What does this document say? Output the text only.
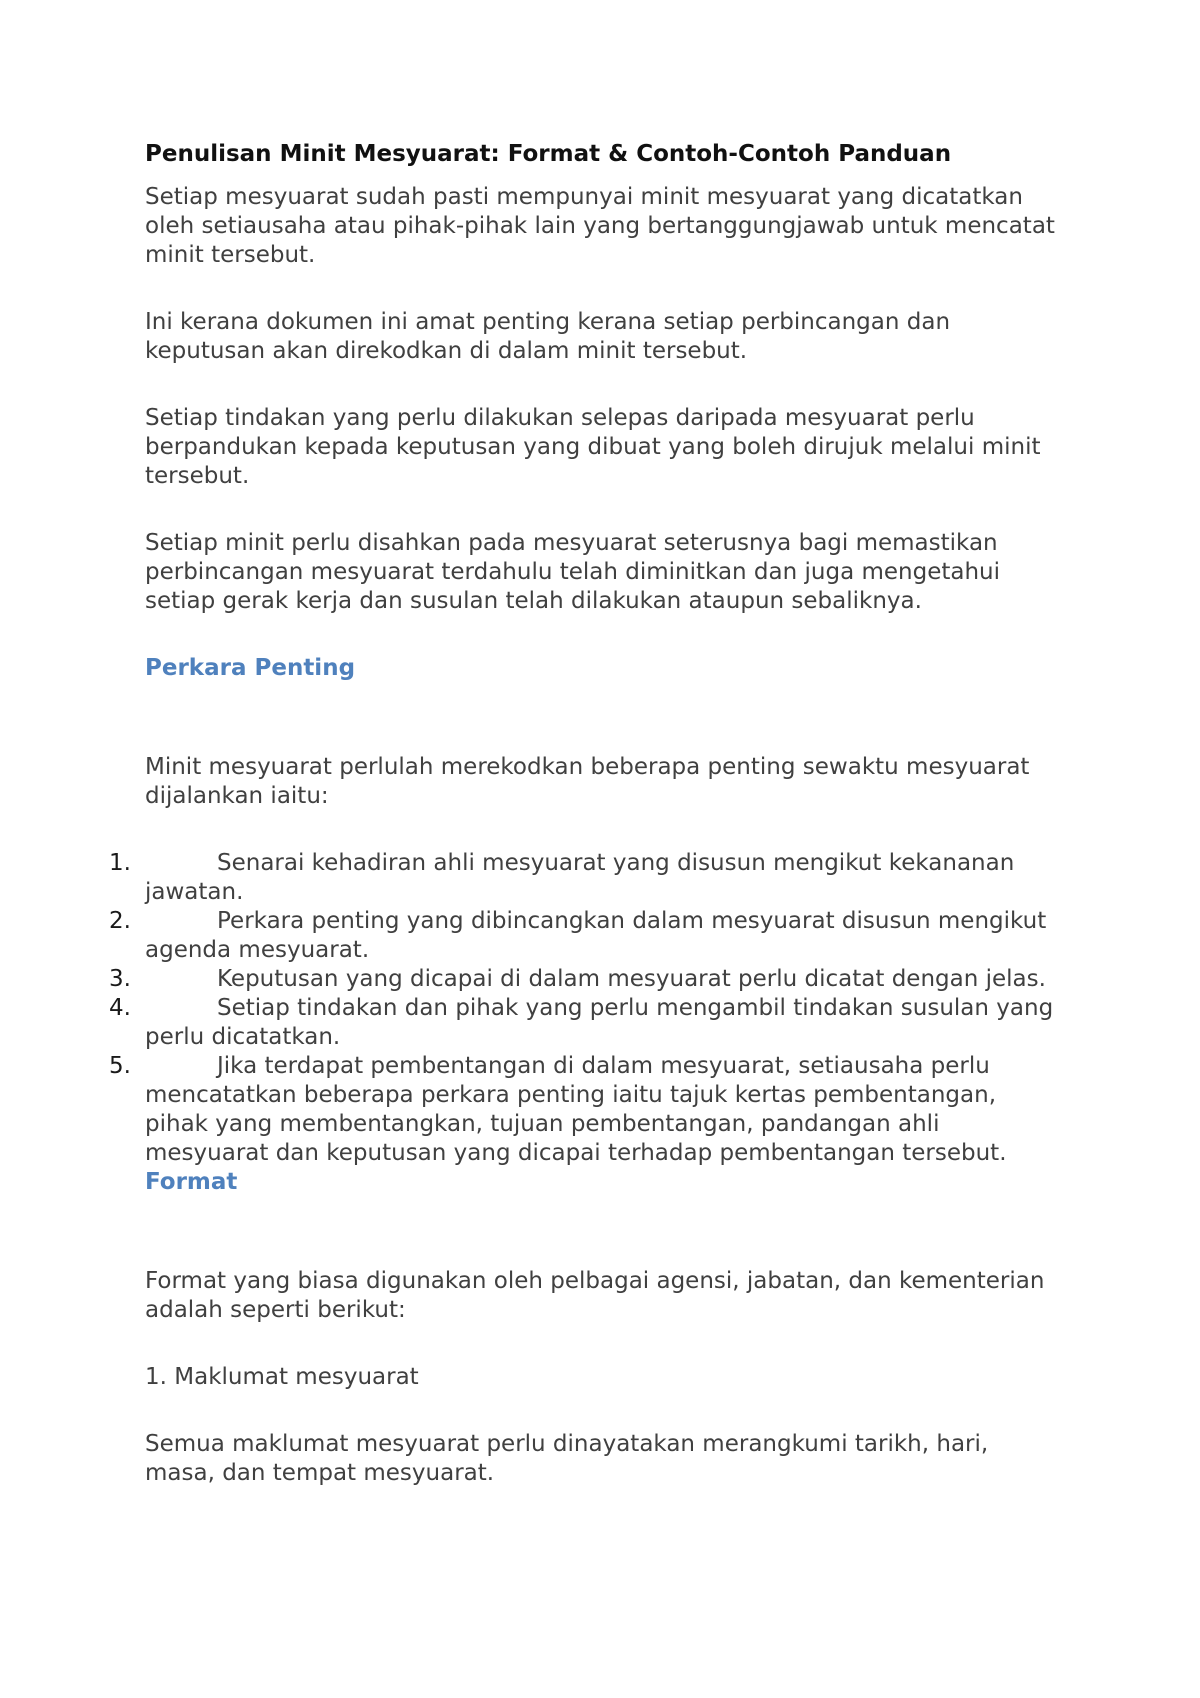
Penulisan Minit Mesyuarat: Format & Contoh-Contoh Panduan

Setiap mesyuarat sudah pasti mempunyai minit mesyuarat yang dicatatkan oleh setiausaha atau pihak-pihak lain yang bertanggungjawab untuk mencatat minit tersebut.

Ini kerana dokumen ini amat penting kerana setiap perbincangan dan keputusan akan direkodkan di dalam minit tersebut.

Setiap tindakan yang perlu dilakukan selepas daripada mesyuarat perlu berpandukan kepada keputusan yang dibuat yang boleh dirujuk melalui minit tersebut.

Setiap minit perlu disahkan pada mesyuarat seterusnya bagi memastikan perbincangan mesyuarat terdahulu telah diminitkan dan juga mengetahui setiap gerak kerja dan susulan telah dilakukan ataupun sebaliknya.

Perkara Penting

Minit mesyuarat perlulah merekodkan beberapa penting sewaktu mesyuarat dijalankan iaitu:

1.	Senarai kehadiran ahli mesyuarat yang disusun mengikut kekananan jawatan.
2.	Perkara penting yang dibincangkan dalam mesyuarat disusun mengikut agenda mesyuarat.
3.	Keputusan yang dicapai di dalam mesyuarat perlu dicatat dengan jelas.
4.	Setiap tindakan dan pihak yang perlu mengambil tindakan susulan yang perlu dicatatkan.
5.	Jika terdapat pembentangan di dalam mesyuarat, setiausaha perlu mencatatkan beberapa perkara penting iaitu tajuk kertas pembentangan, pihak yang membentangkan, tujuan pembentangan, pandangan ahli mesyuarat dan keputusan yang dicapai terhadap pembentangan tersebut.
Format

Format yang biasa digunakan oleh pelbagai agensi, jabatan, dan kementerian adalah seperti berikut:

1. Maklumat mesyuarat

Semua maklumat mesyuarat perlu dinayatakan merangkumi tarikh, hari, masa, dan tempat mesyuarat.
